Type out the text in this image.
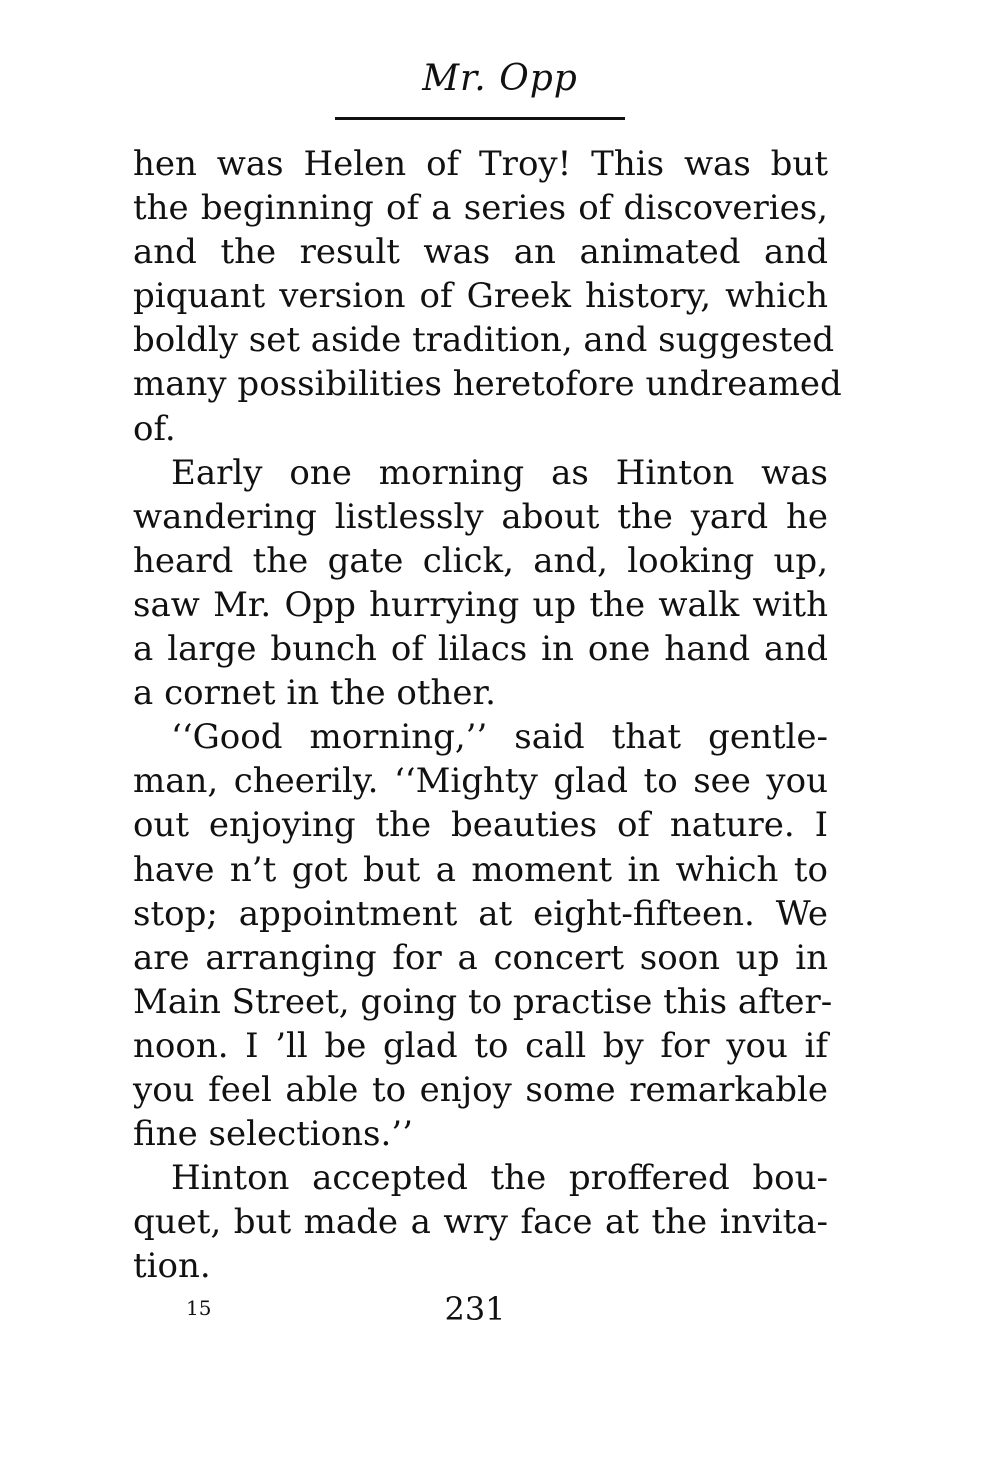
Mr. Opp
hen was Helen of Troy! This was but
the beginning of a series of discoveries,
and the result was an animated and
piquant version of Greek history, which
boldly set aside tradition, and suggested
many possibilities heretofore undreamed
of.
Early one morning as Hinton was
wandering listlessly about the yard he
heard the gate click, and, looking up,
saw Mr. Opp hurrying up the walk with
a large bunch of lilacs in one hand and
a cornet in the other.
‘‘Good morning,’’ said that gentle-
man, cheerily. ‘‘Mighty glad to see you
out enjoying the beauties of nature. I
have n’t got but a moment in which to
stop; appointment at eight-fifteen. We
are arranging for a concert soon up in
Main Street, going to practise this after-
noon. I ’ll be glad to call by for you if
you feel able to enjoy some remarkable
fine selections.’’
Hinton accepted the proffered bou-
quet, but made a wry face at the invita-
tion.
15	231
